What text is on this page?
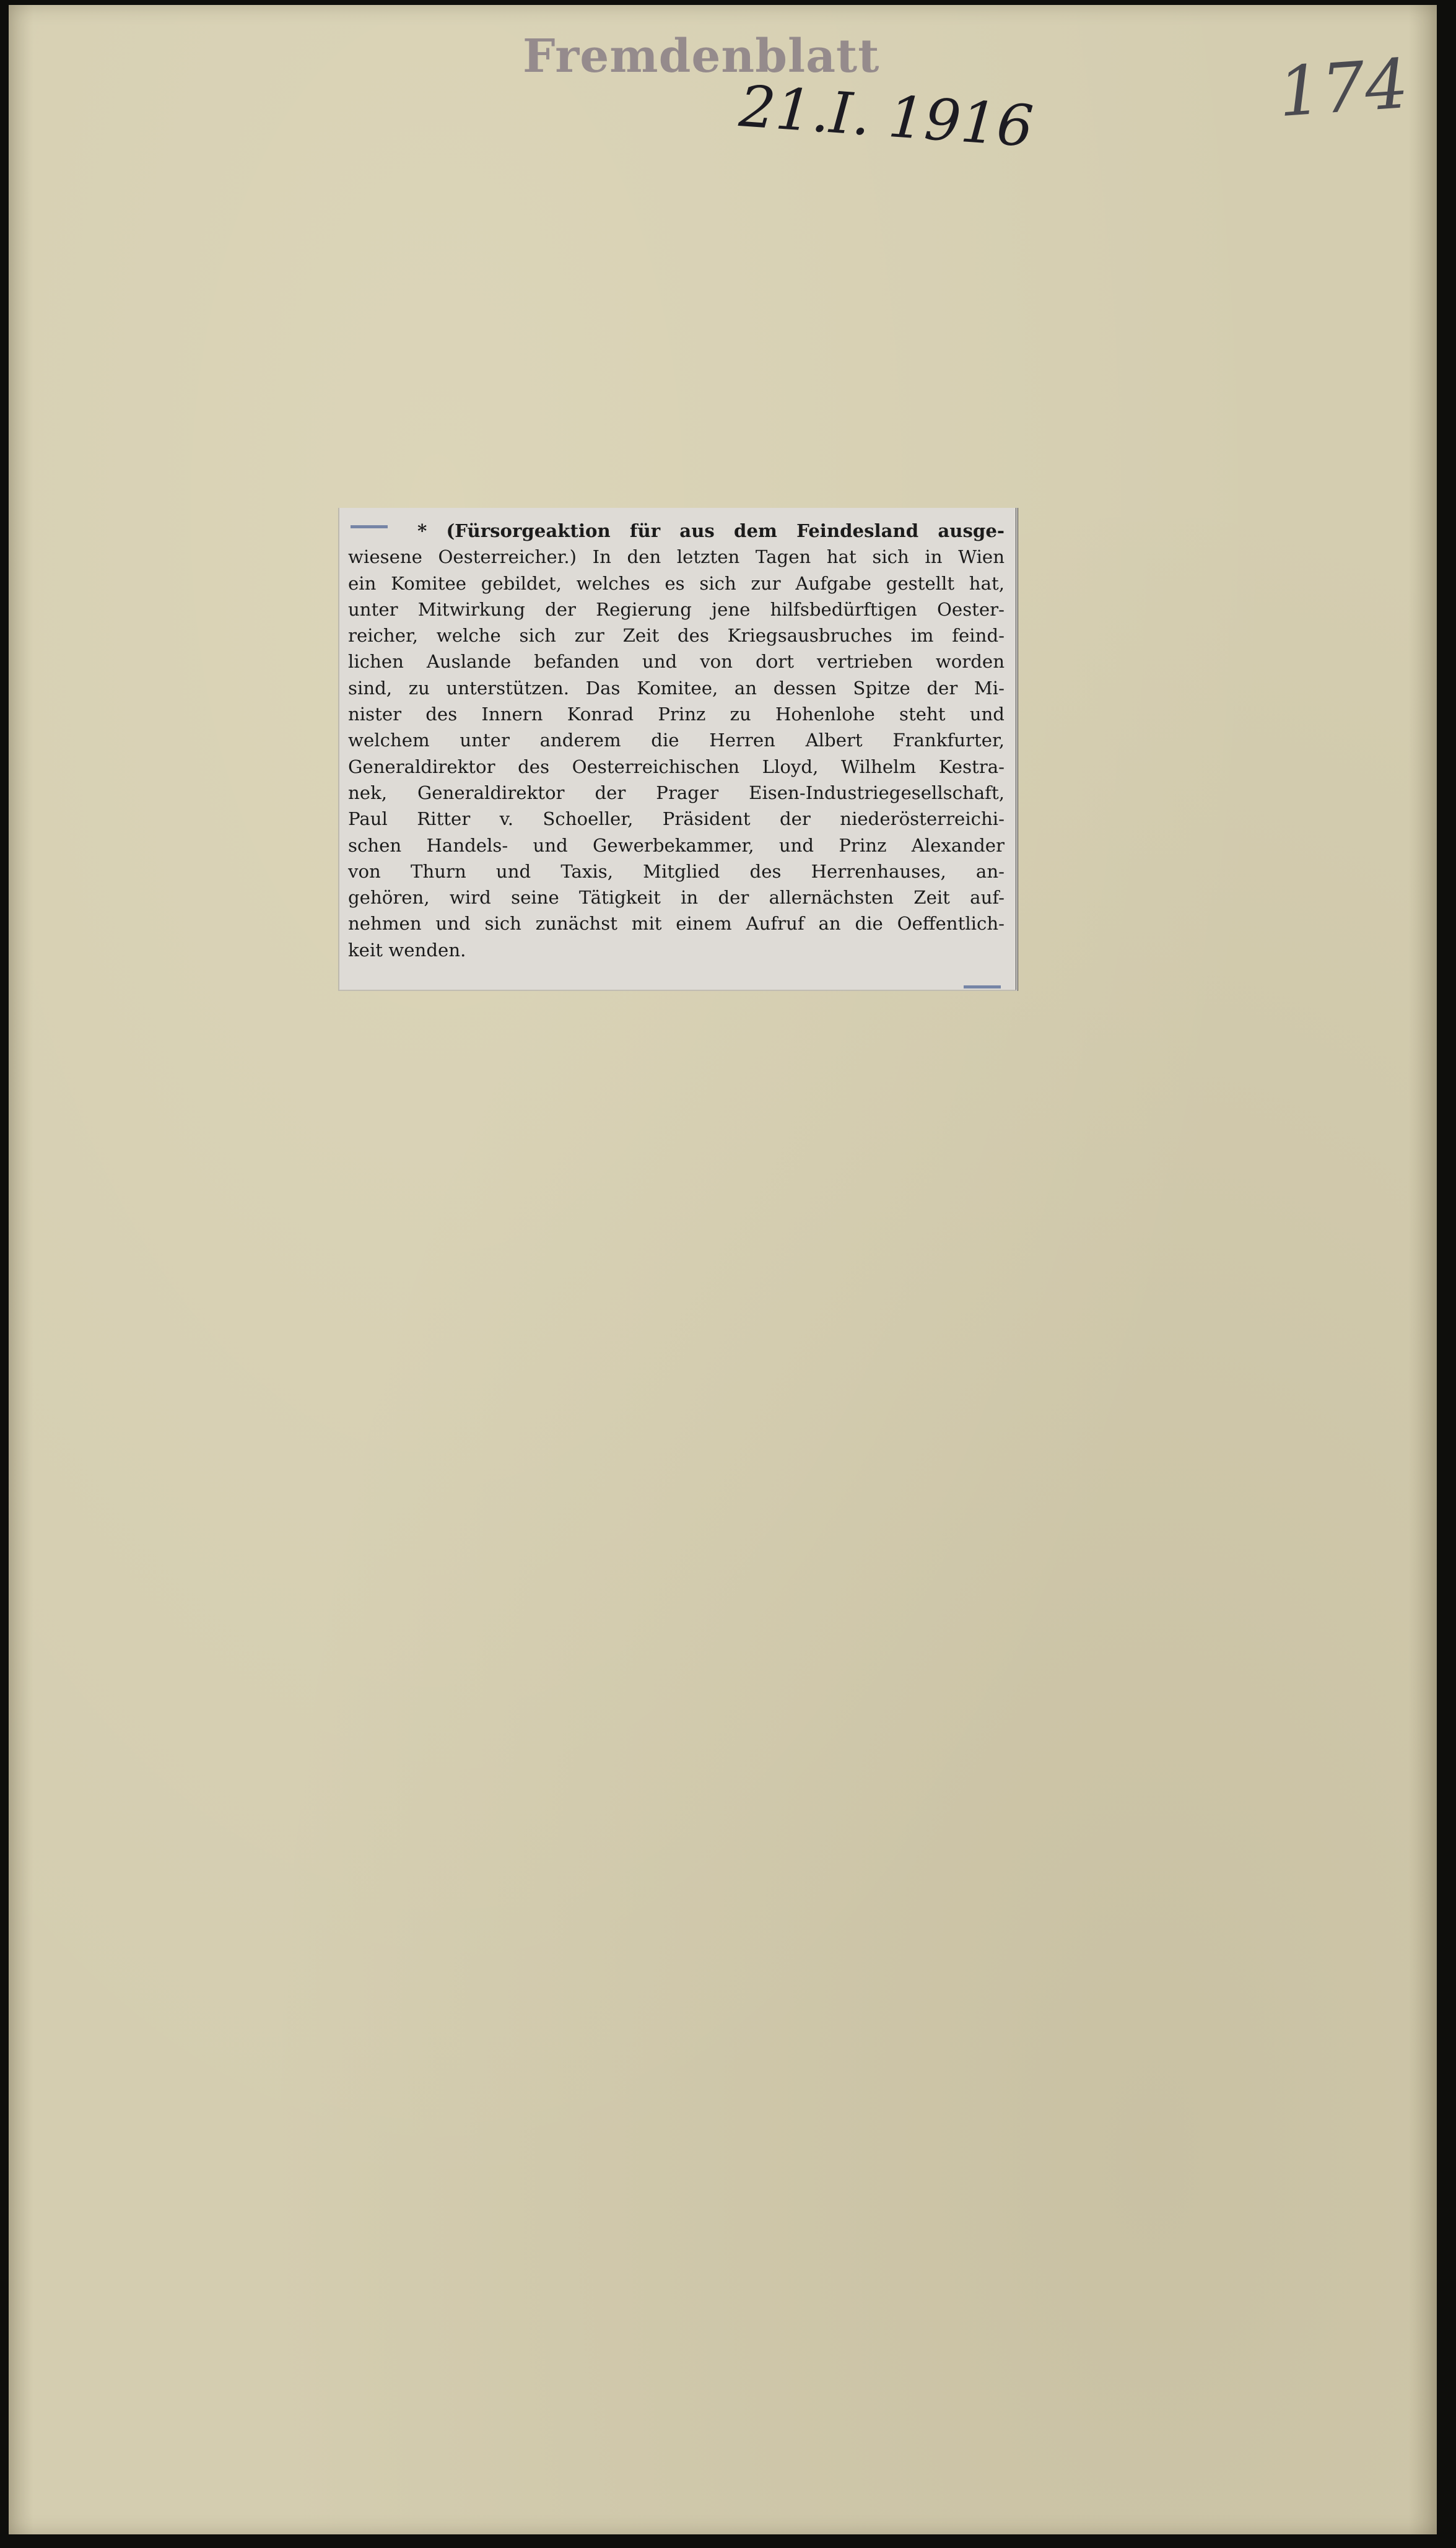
Fremdenblatt
21.I. 1916	174

* (Fürsorgeaktion für aus dem Feindesland ausge-
wiesene Oesterreicher.) In den letzten Tagen hat sich in Wien
ein Komitee gebildet, welches es sich zur Aufgabe gestellt hat,
unter Mitwirkung der Regierung jene hilfsbedürftigen Oester-
reicher, welche sich zur Zeit des Kriegsausbruches im feind-
lichen Auslande befanden und von dort vertrieben worden
sind, zu unterstützen. Das Komitee, an dessen Spitze der Mi-
nister des Innern Konrad Prinz zu Hohenlohe steht und
welchem unter anderem die Herren Albert Frankfurter,
Generaldirektor des Oesterreichischen Lloyd, Wilhelm Kestra-
nek, Generaldirektor der Prager Eisen-Industriegesellschaft,
Paul Ritter v. Schoeller, Präsident der niederösterreichi-
schen Handels- und Gewerbekammer, und Prinz Alexander
von Thurn und Taxis, Mitglied des Herrenhauses, an-
gehören, wird seine Tätigkeit in der allernächsten Zeit auf-
nehmen und sich zunächst mit einem Aufruf an die Oeffentlich-
keit wenden.
